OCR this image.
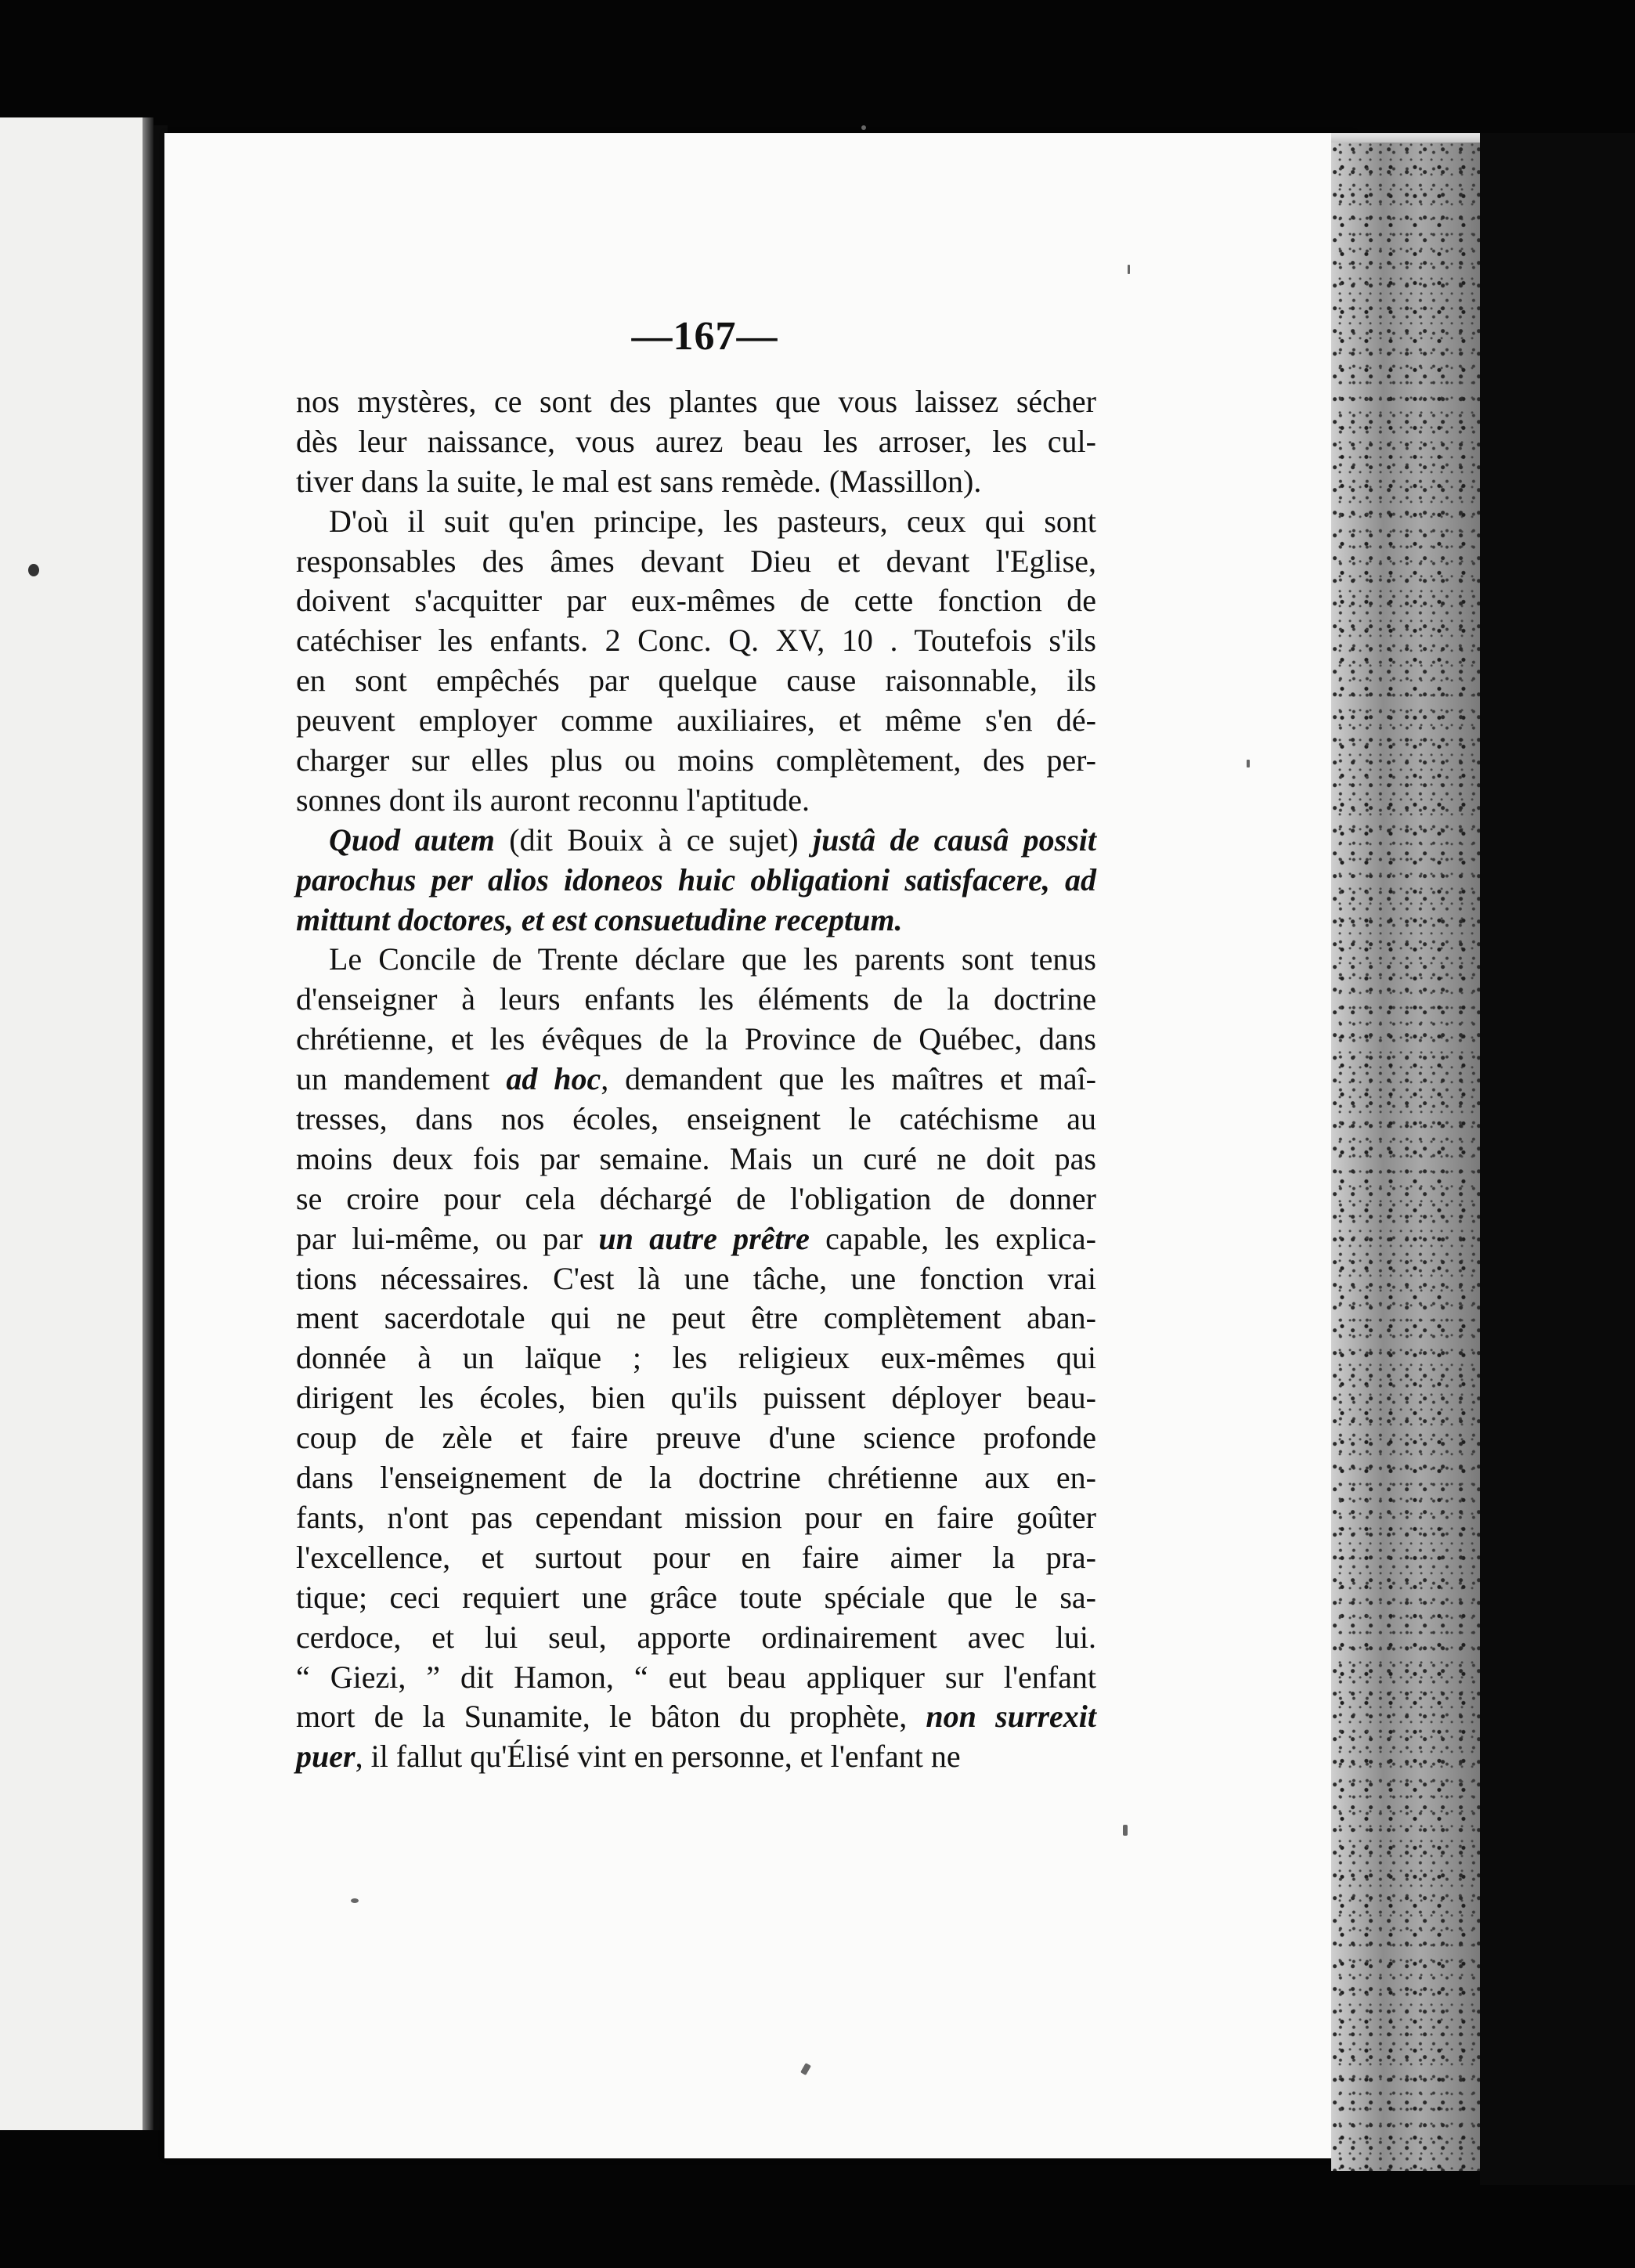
—167—
nos mystères, ce sont des plantes que vous laissez sécher
dès leur naissance, vous aurez beau les arroser, les cul-
tiver dans la suite, le mal est sans remède. (Massillon).
D'où il suit qu'en principe, les pasteurs, ceux qui sont
responsables des âmes devant Dieu et devant l'Eglise,
doivent s'acquitter par eux-mêmes de cette fonction de
catéchiser les enfants. 2 Conc. Q. XV, 10 . Toutefois s'ils
en sont empêchés par quelque cause raisonnable, ils
peuvent employer comme auxiliaires, et même s'en dé-
charger sur elles plus ou moins complètement, des per-
sonnes dont ils auront reconnu l'aptitude.
Quod autem (dit Bouix à ce sujet) justâ de causâ possit
parochus per alios idoneos huic obligationi satisfacere, ad
mittunt doctores, et est consuetudine receptum.
Le Concile de Trente déclare que les parents sont tenus
d'enseigner à leurs enfants les éléments de la doctrine
chrétienne, et les évêques de la Province de Québec, dans
un mandement ad hoc, demandent que les maîtres et maî-
tresses, dans nos écoles, enseignent le catéchisme au
moins deux fois par semaine. Mais un curé ne doit pas
se croire pour cela déchargé de l'obligation de donner
par lui-même, ou par un autre prêtre capable, les explica-
tions nécessaires. C'est là une tâche, une fonction vrai
ment sacerdotale qui ne peut être complètement aban-
donnée à un laïque ; les religieux eux-mêmes qui
dirigent les écoles, bien qu'ils puissent déployer beau-
coup de zèle et faire preuve d'une science profonde
dans l'enseignement de la doctrine chrétienne aux en-
fants, n'ont pas cependant mission pour en faire goûter
l'excellence, et surtout pour en faire aimer la pra-
tique; ceci requiert une grâce toute spéciale que le sa-
cerdoce, et lui seul, apporte ordinairement avec lui.
“ Giezi, ” dit Hamon, “ eut beau appliquer sur l'enfant
mort de la Sunamite, le bâton du prophète, non surrexit
puer, il fallut qu'Élisé vint en personne, et l'enfant ne
